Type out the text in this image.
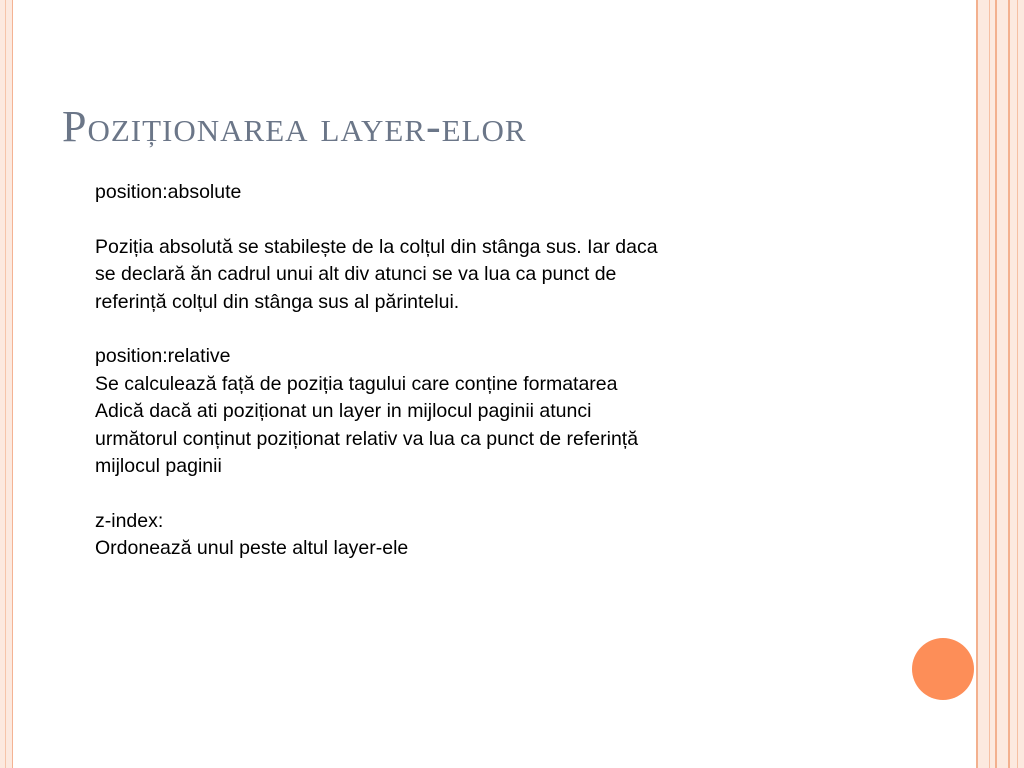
Poziționarea layer-elor

position:absolute

Poziția absolută se stabilește de la colțul din stânga sus. Iar daca se declară ăn cadrul unui alt div atunci se va lua ca punct de referință colțul din stânga sus al părintelui.

position:relative

Se calculează față de poziția tagului care conține formatarea

Adică dacă ati poziționat un layer in mijlocul paginii atunci următorul conținut poziționat relativ va lua ca punct de referință mijlocul paginii

z-index:

Ordonează unul peste altul layer-ele
